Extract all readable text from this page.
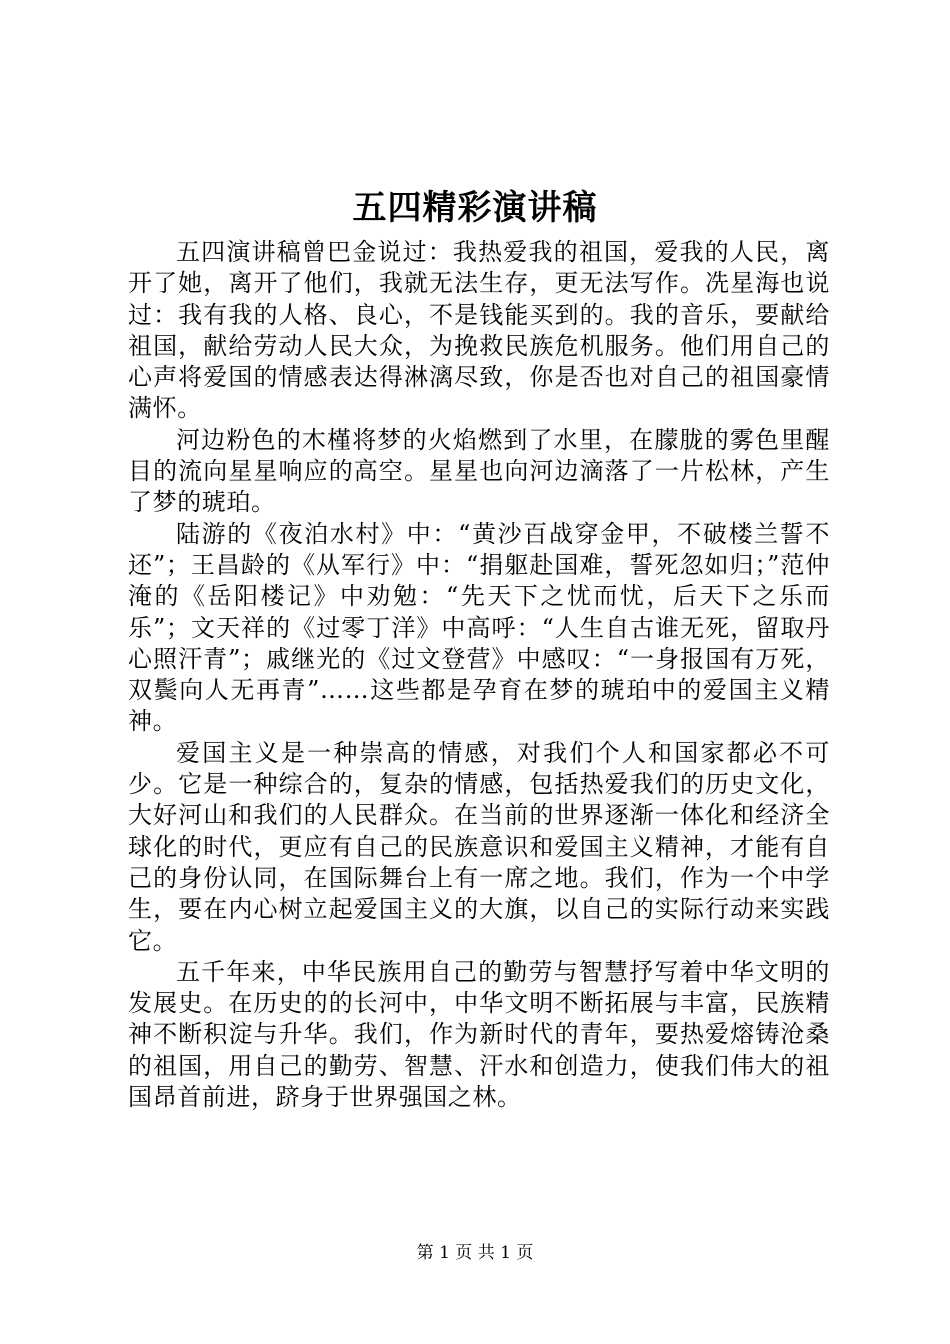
五四精彩演讲稿

五四演讲稿曾巴金说过：我热爱我的祖国，爱我的人民，离开了她，离开了他们，我就无法生存，更无法写作。冼星海也说过：我有我的人格、良心，不是钱能买到的。我的音乐，要献给祖国，献给劳动人民大众，为挽救民族危机服务。他们用自己的心声将爱国的情感表达得淋漓尽致，你是否也对自己的祖国豪情满怀。

河边粉色的木槿将梦的火焰燃到了水里，在朦胧的雾色里醒目的流向星星响应的高空。星星也向河边滴落了一片松林，产生了梦的琥珀。

陆游的《夜泊水村》中：“黄沙百战穿金甲，不破楼兰誓不还”；王昌龄的《从军行》中：“捐躯赴国难，誓死忽如归；”范仲淹的《岳阳楼记》中劝勉：“先天下之忧而忧，后天下之乐而乐”；文天祥的《过零丁洋》中高呼：“人生自古谁无死，留取丹心照汗青”；戚继光的《过文登营》中感叹：“一身报国有万死，双鬓向人无再青”……这些都是孕育在梦的琥珀中的爱国主义精神。

爱国主义是一种崇高的情感，对我们个人和国家都必不可少。它是一种综合的，复杂的情感，包括热爱我们的历史文化，大好河山和我们的人民群众。在当前的世界逐渐一体化和经济全球化的时代，更应有自己的民族意识和爱国主义精神，才能有自己的身份认同，在国际舞台上有一席之地。我们，作为一个中学生，要在内心树立起爱国主义的大旗，以自己的实际行动来实践它。

五千年来，中华民族用自己的勤劳与智慧抒写着中华文明的发展史。在历史的的长河中，中华文明不断拓展与丰富，民族精神不断积淀与升华。我们，作为新时代的青年，要热爱熔铸沧桑的祖国，用自己的勤劳、智慧、汗水和创造力，使我们伟大的祖国昂首前进，跻身于世界强国之林。

第 1 页 共 1 页
